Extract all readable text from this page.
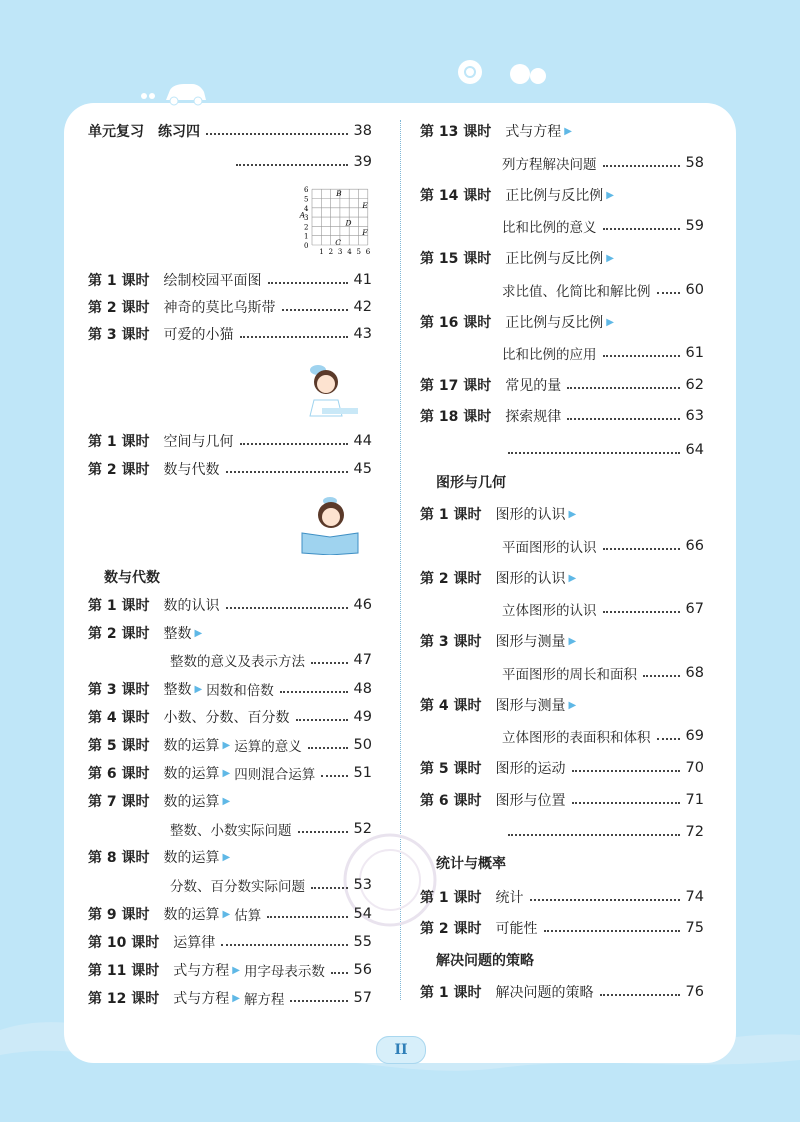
6
5
4
3
2
1
0
1 2 3 4 5 6
A
B
C
D
E
F
单元复习 练习四	38
39
第 1 课时 绘制校园平面图	41
第 2 课时 神奇的莫比乌斯带	42
第 3 课时 可爱的小猫	43
第 1 课时 空间与几何	44
第 2 课时 数与代数	45
数与代数
第 1 课时 数的认识	46
第 2 课时 整数 ▶
整数的意义及表示方法	47
第 3 课时 整数 ▶ 因数和倍数	48
第 4 课时 小数、分数、百分数	49
第 5 课时 数的运算 ▶ 运算的意义	50
第 6 课时 数的运算 ▶ 四则混合运算	51
第 7 课时 数的运算 ▶
整数、小数实际问题	52
第 8 课时 数的运算 ▶
分数、百分数实际问题	53
第 9 课时 数的运算 ▶ 估算	54
第 10 课时 运算律	55
第 11 课时 式与方程 ▶ 用字母表示数 56
第 12 课时 式与方程 ▶ 解方程	57
第 13 课时 式与方程 ▶
列方程解决问题	58
第 14 课时 正比例与反比例 ▶
比和比例的意义	59
第 15 课时 正比例与反比例 ▶
求比值、化简比和解比例 60
第 16 课时 正比例与反比例 ▶
比和比例的应用	61
第 17 课时 常见的量	62
第 18 课时 探索规律	63
64
图形与几何
第 1 课时 图形的认识 ▶
平面图形的认识	66
第 2 课时 图形的认识 ▶
立体图形的认识	67
第 3 课时 图形与测量 ▶
平面图形的周长和面积	68
第 4 课时 图形与测量 ▶
立体图形的表面积和体积 69
第 5 课时 图形的运动	70
第 6 课时 图形与位置	71
72
统计与概率
第 1 课时 统计	74
第 2 课时 可能性	75
解决问题的策略
第 1 课时 解决问题的策略	76
II
